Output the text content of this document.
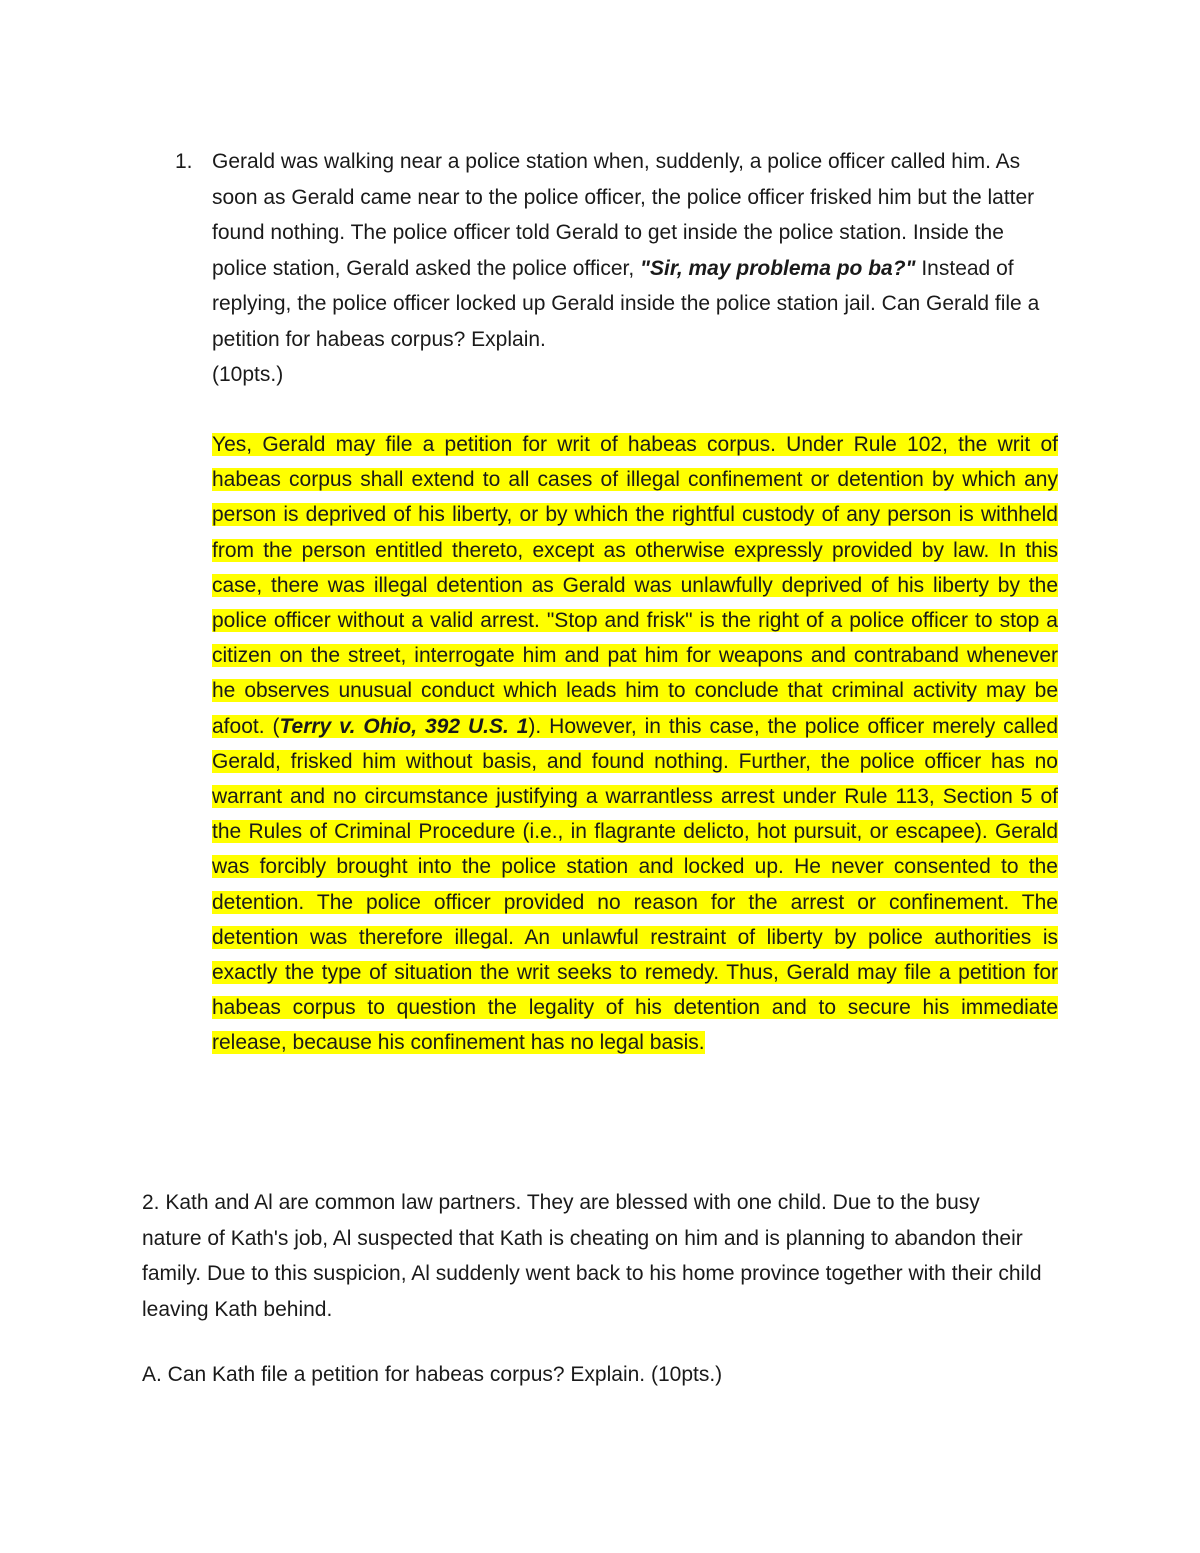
1. Gerald was walking near a police station when, suddenly, a police officer called him. As soon as Gerald came near to the police officer, the police officer frisked him but the latter found nothing. The police officer told Gerald to get inside the police station. Inside the police station, Gerald asked the police officer, "Sir, may problema po ba?" Instead of replying, the police officer locked up Gerald inside the police station jail. Can Gerald file a petition for habeas corpus? Explain.
(10pts.)
Yes, Gerald may file a petition for writ of habeas corpus. Under Rule 102, the writ of habeas corpus shall extend to all cases of illegal confinement or detention by which any person is deprived of his liberty, or by which the rightful custody of any person is withheld from the person entitled thereto, except as otherwise expressly provided by law. In this case, there was illegal detention as Gerald was unlawfully deprived of his liberty by the police officer without a valid arrest. "Stop and frisk" is the right of a police officer to stop a citizen on the street, interrogate him and pat him for weapons and contraband whenever he observes unusual conduct which leads him to conclude that criminal activity may be afoot. (Terry v. Ohio, 392 U.S. 1). However, in this case, the police officer merely called Gerald, frisked him without basis, and found nothing. Further, the police officer has no warrant and no circumstance justifying a warrantless arrest under Rule 113, Section 5 of the Rules of Criminal Procedure (i.e., in flagrante delicto, hot pursuit, or escapee). Gerald was forcibly brought into the police station and locked up. He never consented to the detention. The police officer provided no reason for the arrest or confinement. The detention was therefore illegal. An unlawful restraint of liberty by police authorities is exactly the type of situation the writ seeks to remedy. Thus, Gerald may file a petition for habeas corpus to question the legality of his detention and to secure his immediate release, because his confinement has no legal basis.
2. Kath and Al are common law partners. They are blessed with one child. Due to the busy nature of Kath's job, Al suspected that Kath is cheating on him and is planning to abandon their family. Due to this suspicion, Al suddenly went back to his home province together with their child leaving Kath behind.
A. Can Kath file a petition for habeas corpus? Explain. (10pts.)
